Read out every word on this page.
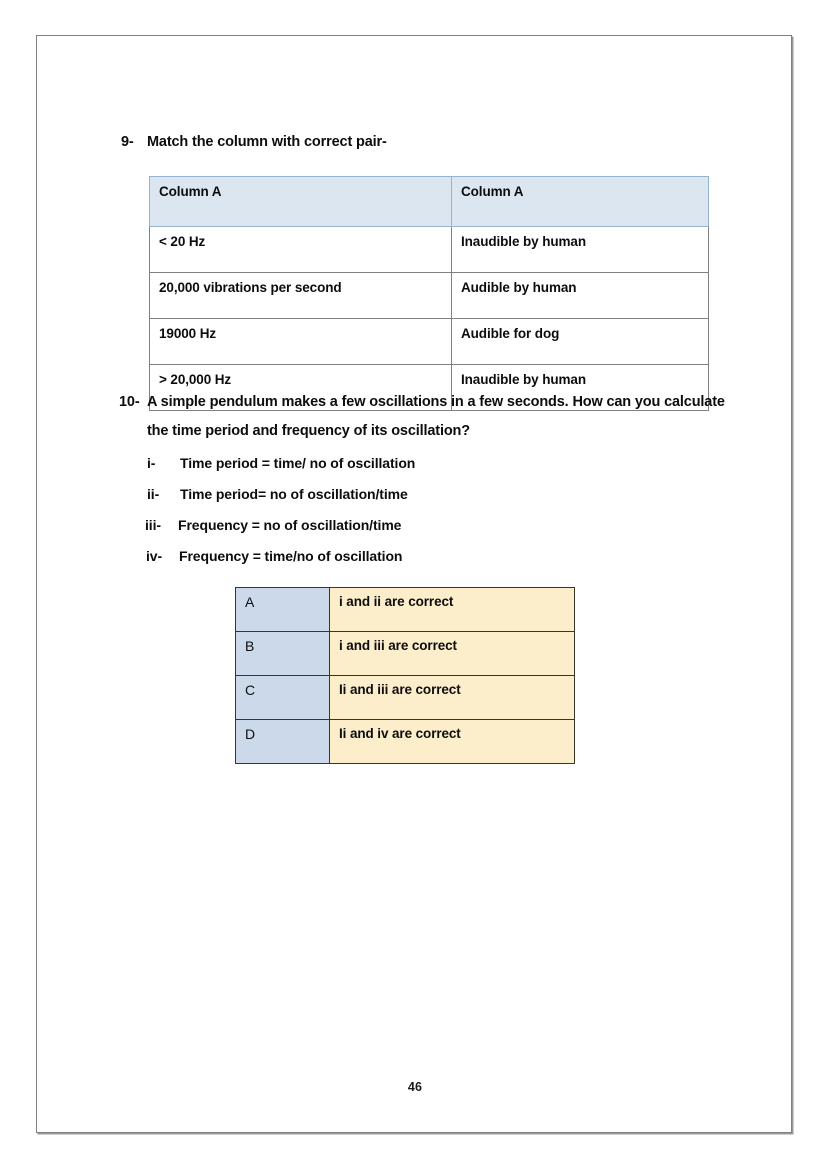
9- Match the column with correct pair-
Column A	Column A
< 20 Hz	Inaudible by human
20,000 vibrations per second	Audible by human
19000 Hz	Audible for dog
> 20,000 Hz	Inaudible by human
10- A simple pendulum makes a few oscillations in a few seconds. How can you calculate
the time period and frequency of its oscillation?
i-	Time period = time/ no of oscillation
ii-	Time period= no of oscillation/time
iii-	Frequency = no of oscillation/time
iv-	Frequency = time/no of oscillation
A	i and ii are correct
B	i and iii are correct
C	Ii and iii are correct
D	Ii and iv are correct
46
